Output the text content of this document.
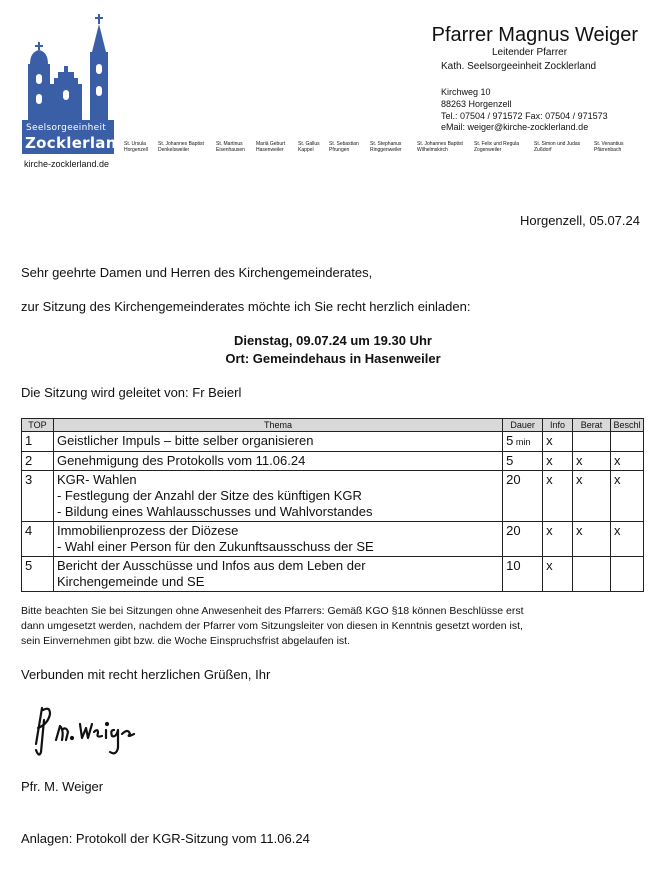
Seelsorgeeinheit
Zocklerland
kirche-zocklerland.de
St. Ursula
Horgenzell
St. Johannes Baptist
Denkelsweiler
St. Martinus
Eisenhausen
Mariä Geburt
Hasenweiler
St. Gallus
Kappel
St. Sebastian
Pfrungen
St. Stephanus
Ringgenweiler
St. Johannes Baptist
Wilhelmskirch
St. Felix und Regula
Zogenweiler
St. Simon und Judas
Zußdorf
St. Venantius
Pfärrenbach
Pfarrer Magnus Weiger
Leitender Pfarrer
Kath. Seelsorgeeinheit Zocklerland
Kirchweg 10
88263 Horgenzell
Tel.: 07504 / 971572 Fax: 07504 / 971573
eMail: weiger@kirche-zocklerland.de
Horgenzell, 05.07.24
Sehr geehrte Damen und Herren des Kirchengemeinderates,
zur Sitzung des Kirchengemeinderates möchte ich Sie recht herzlich einladen:
Dienstag, 09.07.24 um 19.30 Uhr
Ort: Gemeindehaus in Hasenweiler
Die Sitzung wird geleitet von: Fr Beierl
TOP	Thema	Dauer	Info	Berat	Beschl
1	Geistlicher Impuls – bitte selber organisieren	5 min	x		
2	Genehmigung des Protokolls vom 11.06.24	5	x	x	x
3	KGR- Wahlen
- Festlegung der Anzahl der Sitze des künftigen KGR
- Bildung eines Wahlausschusses und Wahlvorstandes	20	x	x	x
4	Immobilienprozess der Diözese
- Wahl einer Person für den Zukunftsausschuss der SE	20	x	x	x
5	Bericht der Ausschüsse und Infos aus dem Leben der
Kirchengemeinde und SE	10	x		
Bitte beachten Sie bei Sitzungen ohne Anwesenheit des Pfarrers: Gemäß KGO §18 können Beschlüsse erst
dann umgesetzt werden, nachdem der Pfarrer vom Sitzungsleiter von diesen in Kenntnis gesetzt worden ist,
sein Einvernehmen gibt bzw. die Woche Einspruchsfrist abgelaufen ist.
Verbunden mit recht herzlichen Grüßen, Ihr
Pfr. M. Weiger
Anlagen: Protokoll der KGR-Sitzung vom 11.06.24
